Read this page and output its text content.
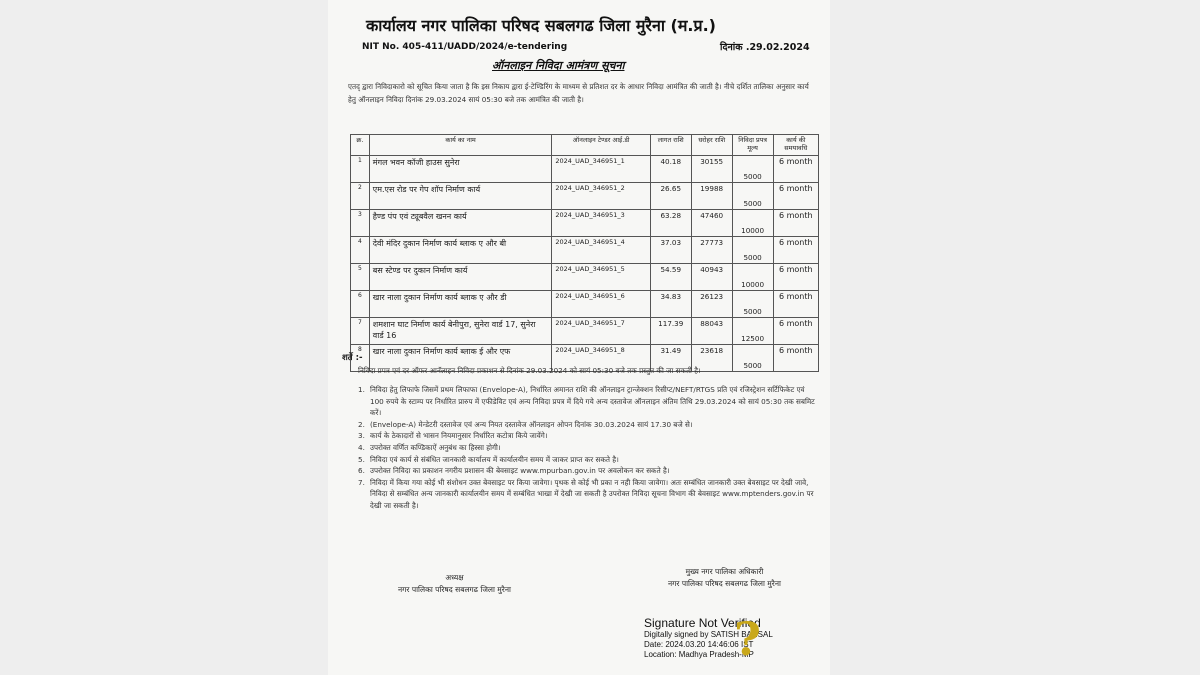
कार्यालय नगर पालिका परिषद सबलगढ जिला मुरैना (म.प्र.)
NIT No. 405-411/UADD/2024/e-tendering	दिनांक .29.02.2024
ऑनलाइन निविदा आमंत्रण सूचना
एतद् द्वारा निविदाकारो को सूचित किया जाता है कि इस निकाय द्वारा ई-टेण्डिरिंग के माध्यम से प्रतिशत दर के आधार निविदा आमंत्रित की जाती है। नीचे दर्शित तालिका अनुसार कार्य हेतु ऑनलाइन निविदा दिनांक 29.03.2024 सायं 05:30 बजे तक आमंत्रित की जाती है।
क्र.	कार्य का नाम	ऑनलाइन टेण्डर आई.डी	लागत राशि	धरोहर राशि	निविदा प्रपत्र मूल्य	कार्य की समयावधि
1	मंगल भवन कॉजी हाउस सुनेरा	2024_UAD_346951_1	40.18	30155	5000	6 month
2	एम.एस रोड पर गेप शॉप निर्माण कार्य	2024_UAD_346951_2	26.65	19988	5000	6 month
3	हैण्ड पंप एवं ट्यूबवैल खनन कार्य	2024_UAD_346951_3	63.28	47460	10000	6 month
4	देवी मंदिर दुकान निर्माण कार्य ब्लाक ए और बी	2024_UAD_346951_4	37.03	27773	5000	6 month
5	बस स्टेण्ड पर दुकान निर्माण कार्य	2024_UAD_346951_5	54.59	40943	10000	6 month
6	खार नाला दुकान निर्माण कार्य ब्लाक ए और डी	2024_UAD_346951_6	34.83	26123	5000	6 month
7	शमशान घाट निर्माण कार्य बेनीपुरा, सुनेरा वार्ड 17, सुनेरा वार्ड 16	2024_UAD_346951_7	117.39	88043	12500	6 month
8	खार नाला दुकान निर्माण कार्य ब्लाक ई और एफ	2024_UAD_346951_8	31.49	23618	5000	6 month
शर्ते :-
निविदा प्रपत्र एवं दर ऑफर आनॅलाइन निविदा प्रकाशन से दिनांक 29.03.2024 को सायं 05:30 बजे तक प्रस्तुत की जा सकती है।
1. निविदा हेतु लिफाफे जिसमें प्रथम लिफाफा (Envelope-A), निर्धारित अमानत राशि की ऑनलाइन ट्रान्जेक्शन रिसीप्ट/NEFT/RTGS प्रति एवं रजिस्ट्रेशन सर्टिफिकेट एवं 100 रुपये के स्टाम्प पर निर्धारित प्रारुप में एफीडेविट एवं अन्य निविदा प्रपत्र में दिये गये अन्य दस्तावेज ऑनलाइन अंतिम तिथि 29.03.2024 को सायं 05:30 तक सबमिट करें।
2. (Envelope-A) मेन्डेटरी दस्तावेज एवं अन्य नियत दस्तावेज ऑनलाइन ओपन दिनांक 30.03.2024 सायं 17.30 बजे से।
3. कार्य के ठेकादारों से भासन नियमानुसार निर्धारित कटोत्रा किये जावेंगे।
4. उपरोक्त वर्णित कण्डिकाऐं अनुबंध का हिस्सा होगी।
5. निविदा एवं कार्य से संबंधित जानकारी कार्यालय में कार्यालयीन समय में जाकर प्राप्त कर सकते है।
6. उपरोक्त निविदा का प्रकाशन नगरीय प्रशासन की बेवसाइट www.mpurban.gov.in पर अवलोकन कर सकते है।
7. निविदा में किया गया कोई भी संशोधन उक्त बेवसाइट पर किया जावेगा। पृथक से कोई भी प्रका न नही किया जावेगा। अतः सम्बंधित जानकारी उक्त बेवसाइट पर देखी जावे, निविदा से सम्बंधित अन्य जानकारी कार्यालयीन समय में सम्बंधित भाखा में देखी जा सकती है उपरोक्त निविदा सूचना विभाग की बेवसाइट www.mptenders.gov.in पर देखी जा सकती है।
अध्यक्ष
नगर पालिका परिषद सबलगढ जिला मुरैना
मुख्य नगर पालिका अधिकारी
नगर पालिका परिषद सबलगढ जिला मुरैना
Signature Not Verified
Digitally signed by SATISH BANSAL
Date: 2024.03.20 14:46:06 IST
Location: Madhya Pradesh-MP
?
